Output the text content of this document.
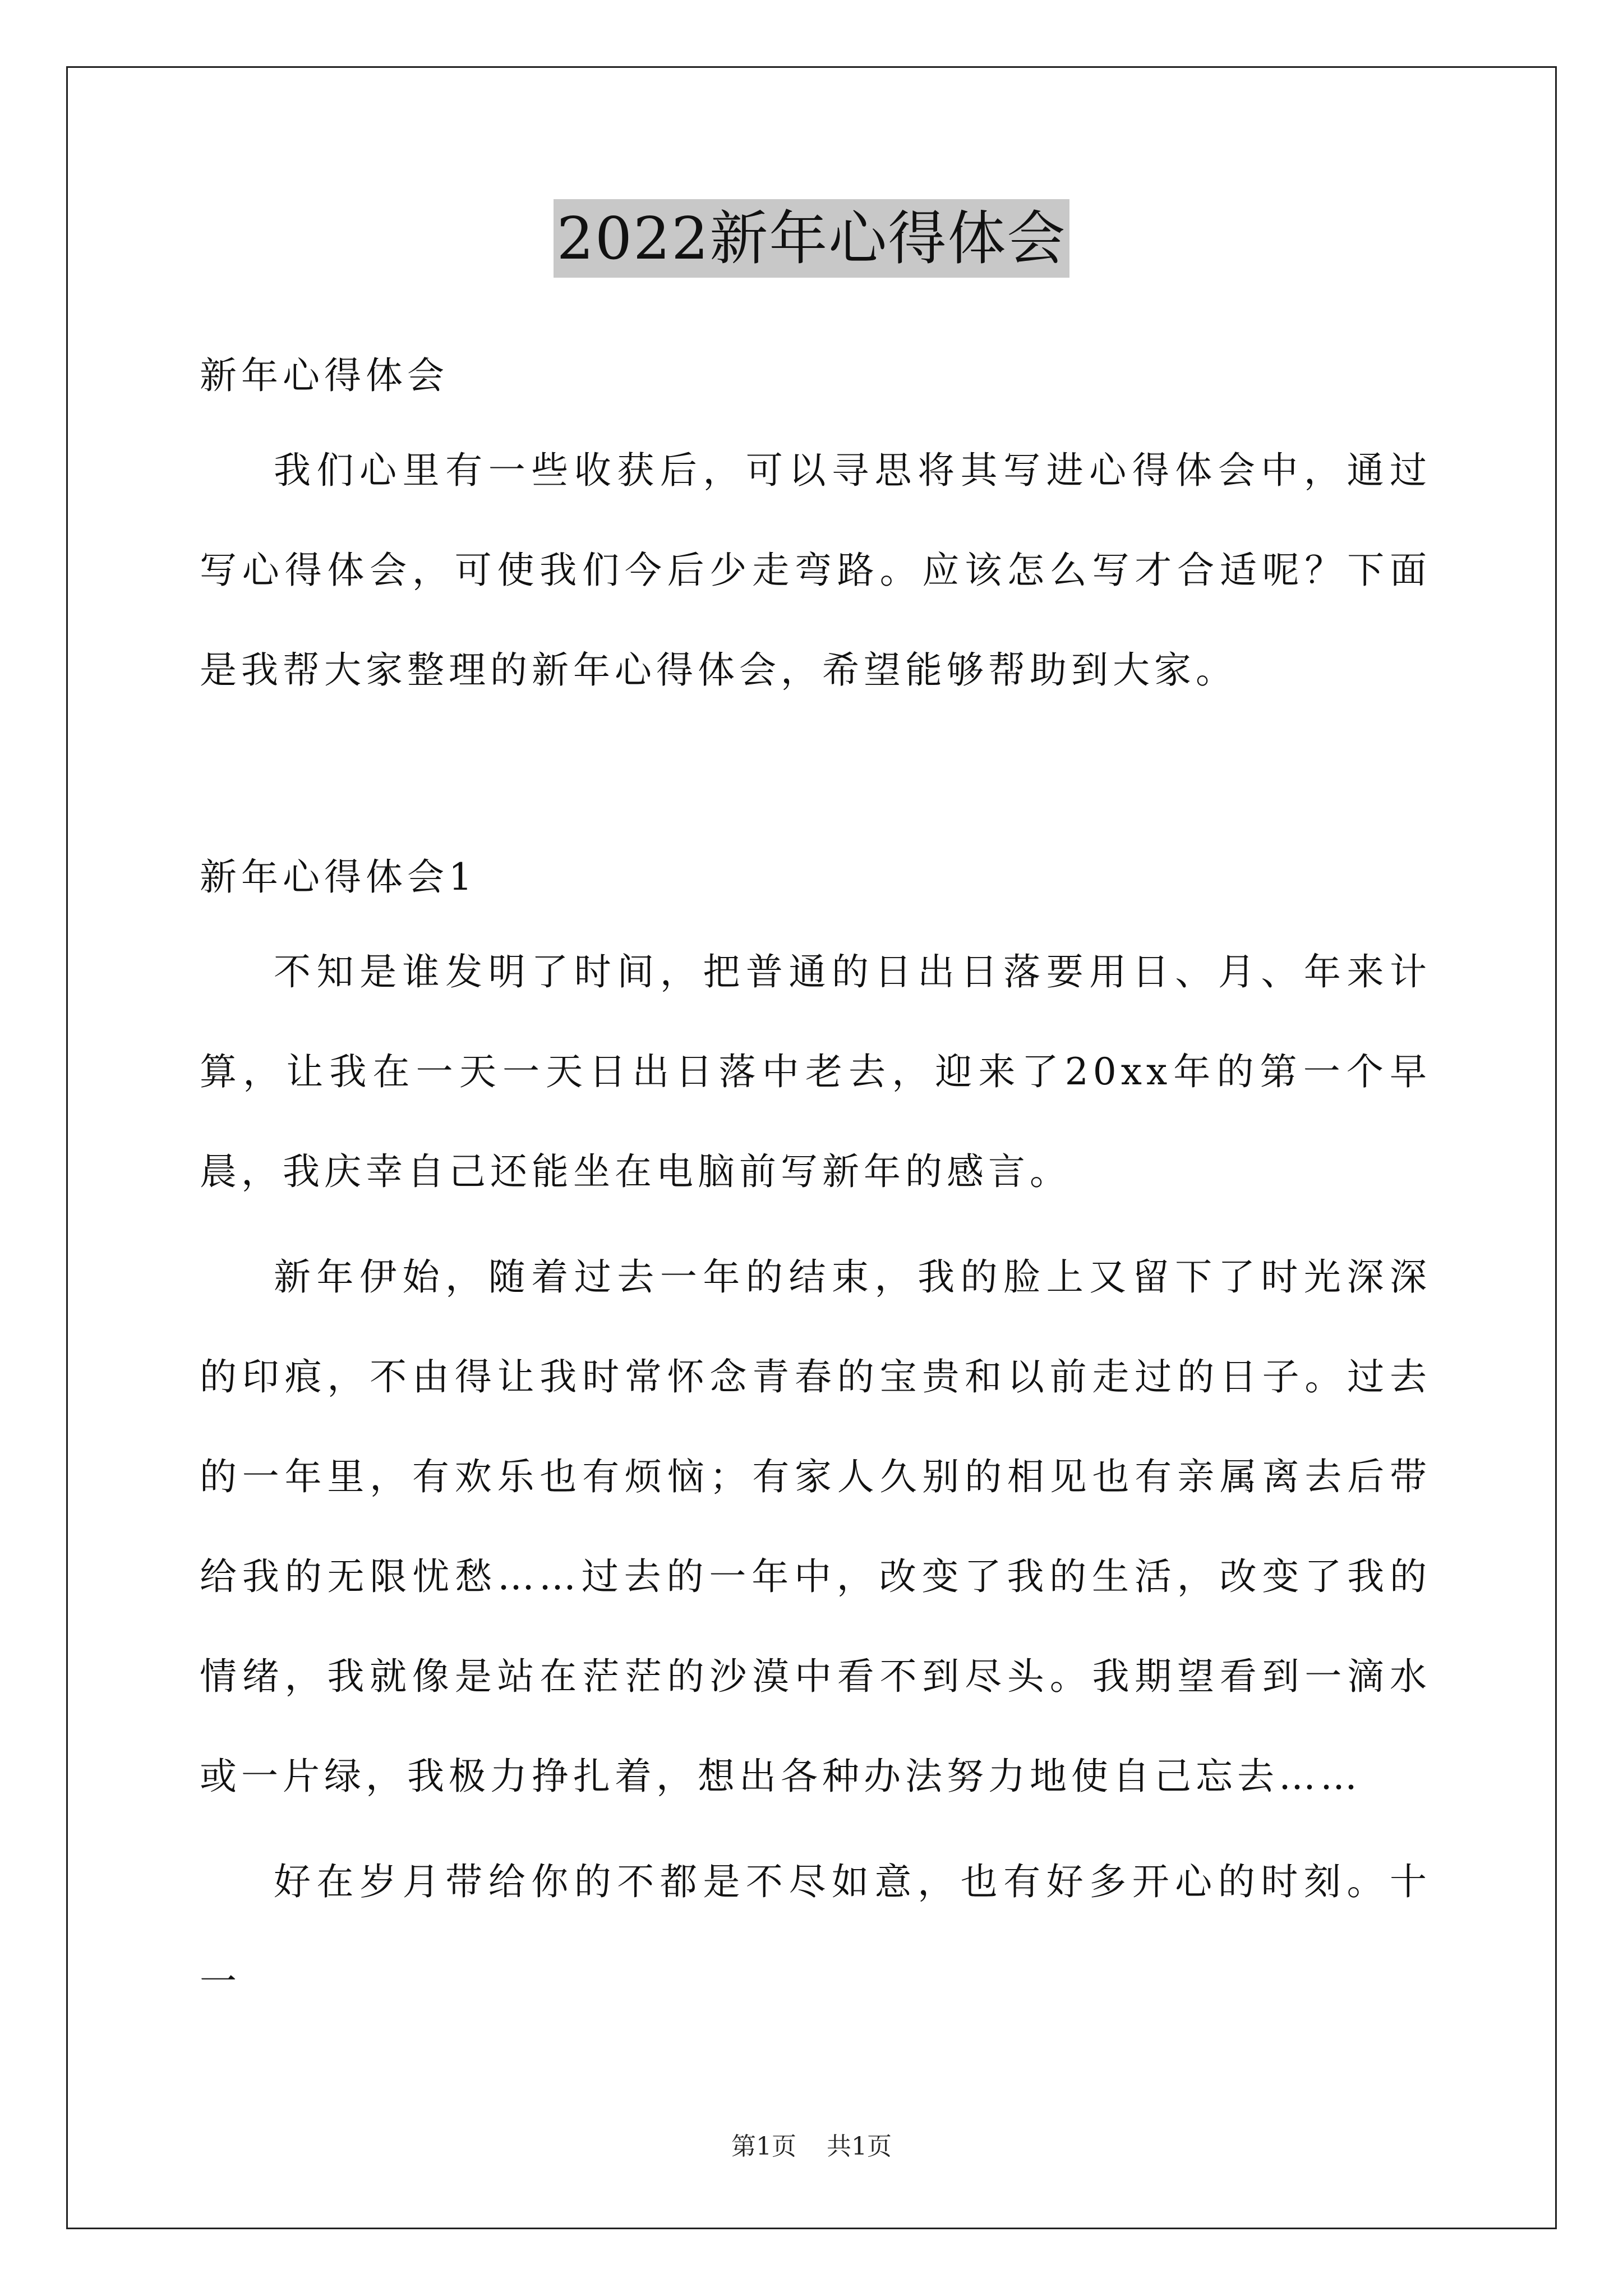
2022新年心得体会

新年心得体会

我们心里有一些收获后，可以寻思将其写进心得体会中，通过写心得体会，可使我们今后少走弯路。应该怎么写才合适呢？下面是我帮大家整理的新年心得体会，希望能够帮助到大家。

新年心得体会1

不知是谁发明了时间，把普通的日出日落要用日、月、年来计算，让我在一天一天日出日落中老去，迎来了20xx年的第一个早晨，我庆幸自己还能坐在电脑前写新年的感言。

新年伊始，随着过去一年的结束，我的脸上又留下了时光深深的印痕，不由得让我时常怀念青春的宝贵和以前走过的日子。过去的一年里，有欢乐也有烦恼；有家人久别的相见也有亲属离去后带给我的无限忧愁……过去的一年中，改变了我的生活，改变了我的情绪，我就像是站在茫茫的沙漠中看不到尽头。我期望看到一滴水或一片绿，我极力挣扎着，想出各种办法努力地使自己忘去……

好在岁月带给你的不都是不尽如意，也有好多开心的时刻。十一

第1页 共1页
